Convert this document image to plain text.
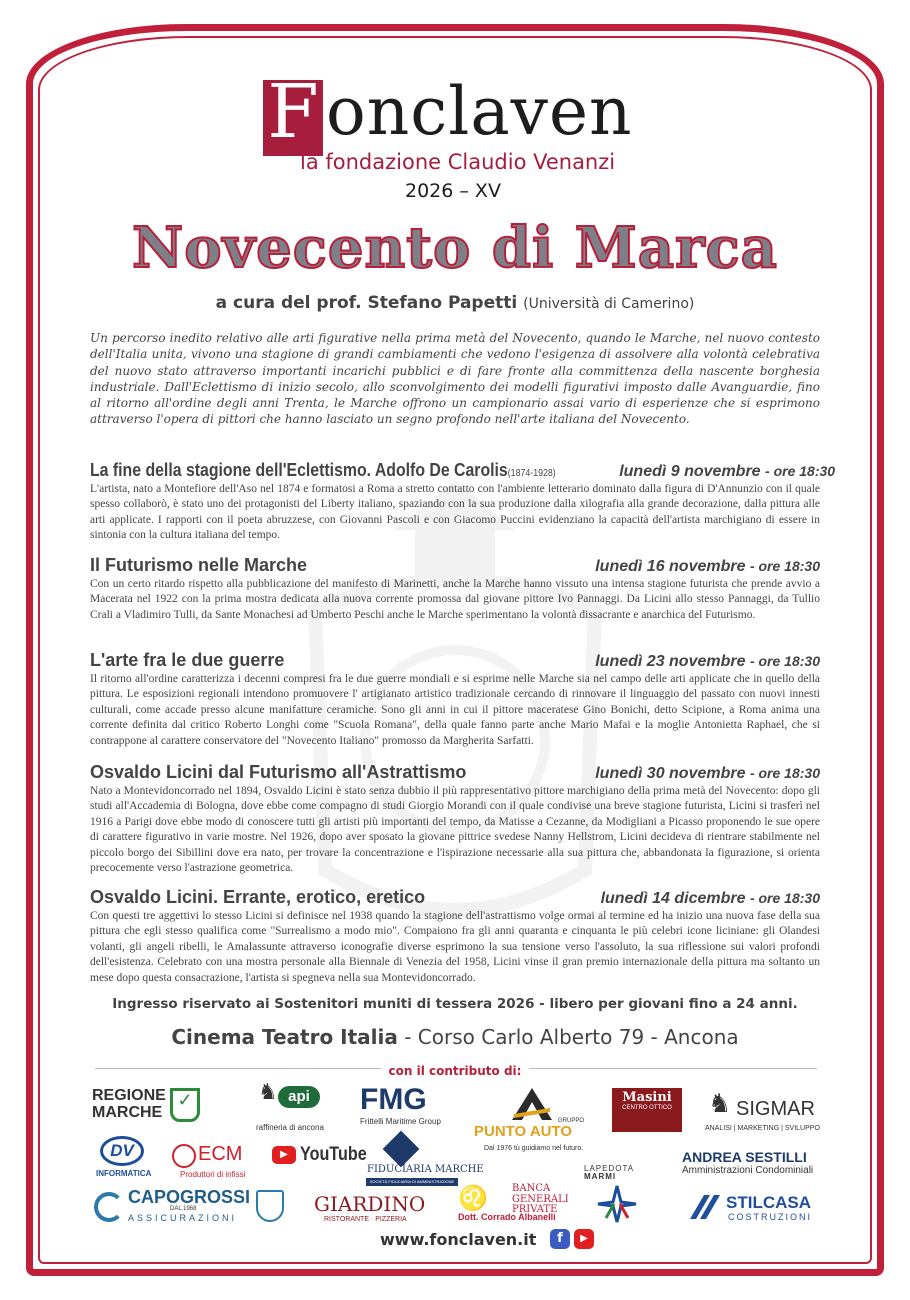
F onclaven
la fondazione Claudio Venanzi
2026 – XV
Novecento di Marca
a cura del prof. Stefano Papetti (Università di Camerino)
Un percorso inedito relativo alle arti figurative nella prima metà del Novecento, quando le Marche, nel nuovo contesto dell'Italia unita, vivono una stagione di grandi cambiamenti che vedono l'esigenza di assolvere alla volontà celebrativa del nuovo stato attraverso importanti incarichi pubblici e di fare fronte alla committenza della nascente borghesia industriale. Dall'Eclettismo di inizio secolo, allo sconvolgimento dei modelli figurativi imposto dalle Avanguardie, fino al ritorno all'ordine degli anni Trenta, le Marche offrono un campionario assai vario di esperienze che si esprimono attraverso l'opera di pittori che hanno lasciato un segno profondo nell'arte italiana del Novecento.
La fine della stagione dell'Eclettismo. Adolfo De Carolis(1874-1928)	lunedì 9 novembre - ore 18:30
L'artista, nato a Montefiore dell'Aso nel 1874 e formatosi a Roma a stretto contatto con l'ambiente letterario dominato dalla figura di D'Annunzio con il quale spesso collaborò, è stato uno dei protagonisti del Liberty italiano, spaziando con la sua produzione dalla xilografia alla grande decorazione, dalla pittura alle arti applicate. I rapporti con il poeta abruzzese, con Giovanni Pascoli e con Giacomo Puccini evidenziano la capacità dell'artista marchigiano di essere in sintonia con la cultura italiana del tempo.
Il Futurismo nelle Marche	lunedì 16 novembre - ore 18:30
Con un certo ritardo rispetto alla pubblicazione del manifesto di Marinetti, anche la Marche hanno vissuto una intensa stagione futurista che prende avvio a Macerata nel 1922 con la prima mostra dedicata alla nuova corrente promossa dal giovane pittore Ivo Pannaggi. Da Licini allo stesso Pannaggi, da Tullio Crali a Vladimiro Tulli, da Sante Monachesi ad Umberto Peschi anche le Marche sperimentano la volontà dissacrante e anarchica del Futurismo.
L'arte fra le due guerre	lunedì 23 novembre - ore 18:30
Il ritorno all'ordine caratterizza i decenni compresi fra le due guerre mondiali e si esprime nelle Marche sia nel campo delle arti applicate che in quello della pittura. Le esposizioni regionali intendono promuovere l' artigianato artistico tradizionale cercando di rinnovare il linguaggio del passato con nuovi innesti culturali, come accade presso alcune manifatture ceramiche. Sono gli anni in cui il pittore maceratese Gino Bonichi, detto Scipione, a Roma anima una corrente definita dal critico Roberto Longhi come "Scuola Romana", della quale fanno parte anche Mario Mafai e la moglie Antonietta Raphael, che si contrappone al carattere conservatore del "Novecento Italiano" promosso da Margherita Sarfatti.
Osvaldo Licini dal Futurismo all'Astrattismo	lunedì 30 novembre - ore 18:30
Nato a Montevidoncorrado nel 1894, Osvaldo Licini è stato senza dubbio il più rappresentativo pittore marchigiano della prima metà del Novecento: dopo gli studi all'Accademia di Bologna, dove ebbe come compagno di studi Giorgio Morandi con il quale condivise una breve stagione futurista, Licini si trasferì nel 1916 a Parigi dove ebbe modo di conoscere tutti gli artisti più importanti del tempo, da Matisse a Cezanne, da Modigliani a Picasso proponendo le sue opere di carattere figurativo in varie mostre. Nel 1926, dopo aver sposato la giovane pittrice svedese Nanny Hellstrom, Licini decideva di rientrare stabilmente nel piccolo borgo dei Sibillini dove era nato, per trovare la concentrazione e l'ispirazione necessarie alla sua pittura che, abbandonata la figurazione, si orienta precocemente verso l'astrazione geometrica.
Osvaldo Licini. Errante, erotico, eretico	lunedì 14 dicembre - ore 18:30
Con questi tre aggettivi lo stesso Licini si definisce nel 1938 quando la stagione dell'astrattismo volge ormai al termine ed ha inizio una nuova fase della sua pittura che egli stesso qualifica come "Surrealismo a modo mio". Compaiono fra gli anni quaranta e cinquanta le più celebri icone liciniane: gli Olandesi volanti, gli angeli ribelli, le Amalassunte attraverso iconografie diverse esprimono la sua tensione verso l'assoluto, la sua riflessione sui valori profondi dell'esistenza. Celebrato con una mostra personale alla Biennale di Venezia del 1958, Licini vinse il gran premio internazionale della pittura ma soltanto un mese dopo questa consacrazione, l'artista si spegneva nella sua Montevidoncorrado.
Ingresso riservato ai Sostenitori muniti di tessera 2026 - libero per giovani fino a 24 anni.
Cinema Teatro Italia - Corso Carlo Alberto 79 - Ancona
con il contributo di:
REGIONE
MARCHE
✓	♞ api
raffineria di ancona
FMG
Frittelli Maritime Group	GRUPPO
PUNTO AUTO
Dal 1976 tù guidiamo nel futuro.
Masini
CENTRO OTTICO	♞ SIGMAR
ANALISI | MARKETING | SVILUPPO
DV
INFORMATICA
ECM
Produttori di infissi
▶ YouTube
FIDUCIARIA MARCHE
SOCIETÀ FIDUCIARIA DI AMMINISTRAZIONE
LAPEDOTA
MARMI
ANDREA SESTILLI
Amministrazioni Condominiali
CAPOGROSSI
DAL 1968
ASSICURAZIONI
GIARDINO
RISTORANTE · PIZZERIA
♌ BANCA
GENERALI
PRIVATE
Dott. Corrado Albanelli
STILCASA
COSTRUZIONI
www.fonclaven.it	f	▶
